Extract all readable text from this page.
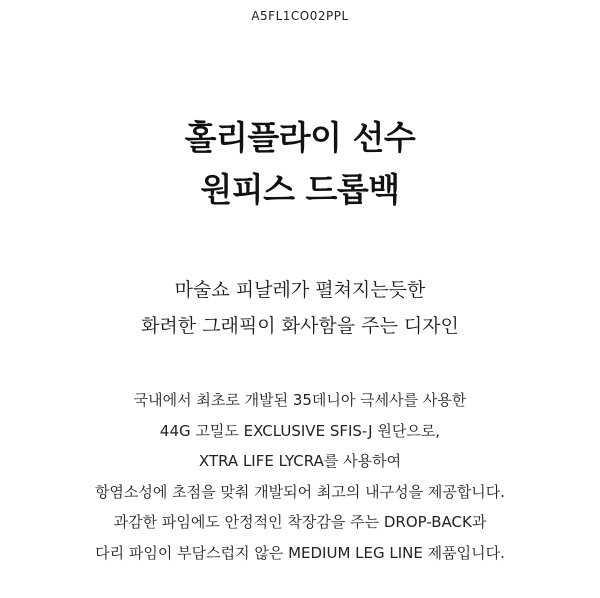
A5FL1CO02PPL
홀리플라이 선수
원피스 드롭백
마술쇼 피날레가 펼쳐지는듯한
화려한 그래픽이 화사함을 주는 디자인
국내에서 최초로 개발된 35데니아 극세사를 사용한
44G 고밀도 EXCLUSIVE SFIS-J 원단으로,
XTRA LIFE LYCRA를 사용하여
항염소성에 초점을 맞춰 개발되어 최고의 내구성을 제공합니다.
과감한 파임에도 안정적인 착장감을 주는 DROP-BACK과
다리 파임이 부담스럽지 않은 MEDIUM LEG LINE 제품입니다.
